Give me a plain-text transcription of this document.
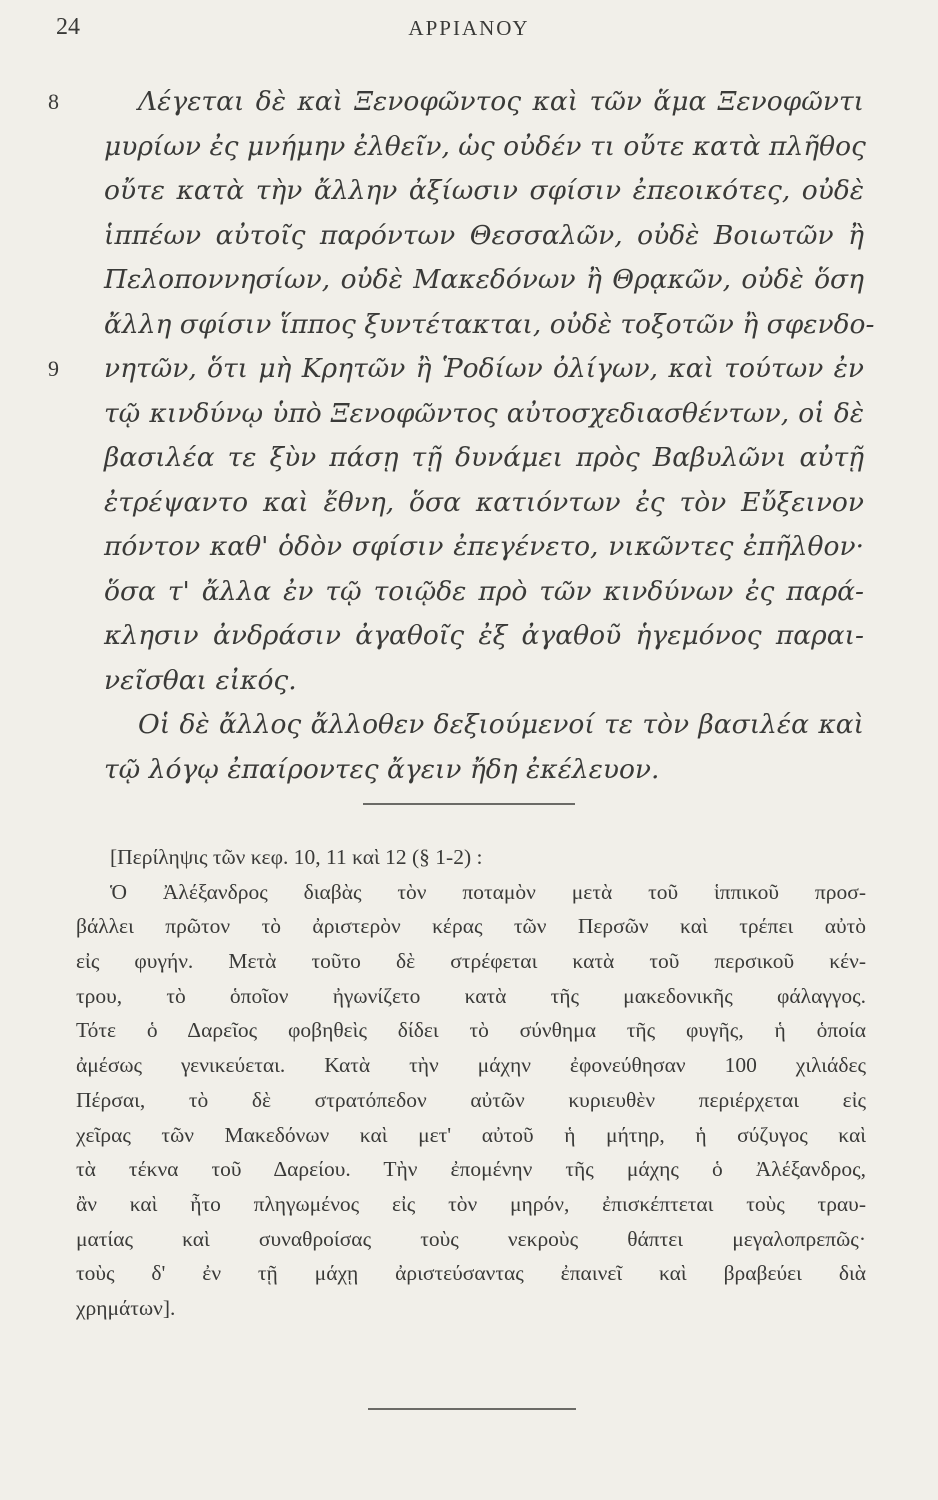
24	ΑΡΡΙΑΝΟΥ
8
9
Λέγεται δὲ καὶ Ξενοφῶντος καὶ τῶν ἅμα Ξενοφῶντι
μυρίων ἐς μνήμην ἐλθεῖν, ὡς οὐδέν τι οὔτε κατὰ πλῆθος
οὔτε κατὰ τὴν ἄλλην ἀξίωσιν σφίσιν ἐπεοικότες, οὐδὲ
ἱππέων αὐτοῖς παρόντων Θεσσαλῶν, οὐδὲ Βοιωτῶν ἢ
Πελοποννησίων, οὐδὲ Μακεδόνων ἢ Θρᾳκῶν, οὐδὲ ὅση
ἄλλη σφίσιν ἵππος ξυντέτακται, οὐδὲ τοξοτῶν ἢ σφενδο-
νητῶν, ὅτι μὴ Κρητῶν ἢ Ῥοδίων ὀλίγων, καὶ τούτων ἐν
τῷ κινδύνῳ ὑπὸ Ξενοφῶντος αὐτοσχεδιασθέντων, οἱ δὲ
βασιλέα τε ξὺν πάσῃ τῇ δυνάμει πρὸς Βαβυλῶνι αὐτῇ
ἐτρέψαντο καὶ ἔθνη, ὅσα κατιόντων ἐς τὸν Εὔξεινον
πόντον καθ' ὁδὸν σφίσιν ἐπεγένετο, νικῶντες ἐπῆλθον·
ὅσα τ' ἄλλα ἐν τῷ τοιῷδε πρὸ τῶν κινδύνων ἐς παρά-
κλησιν ἀνδράσιν ἀγαθοῖς ἐξ ἀγαθοῦ ἡγεμόνος παραι-
νεῖσθαι εἰκός.
Οἱ δὲ ἄλλος ἄλλοθεν δεξιούμενοί τε τὸν βασιλέα καὶ
τῷ λόγῳ ἐπαίροντες ἄγειν ἤδη ἐκέλευον.
[Περίληψις τῶν κεφ. 10, 11 καὶ 12 (§ 1-2) :
Ὁ Ἀλέξανδρος διαβὰς τὸν ποταμὸν μετὰ τοῦ ἱππικοῦ προσ-
βάλλει πρῶτον τὸ ἀριστερὸν κέρας τῶν Περσῶν καὶ τρέπει αὐτὸ
εἰς φυγήν. Μετὰ τοῦτο δὲ στρέφεται κατὰ τοῦ περσικοῦ κέν-
τρου, τὸ ὁποῖον ἠγωνίζετο κατὰ τῆς μακεδονικῆς φάλαγγος.
Τότε ὁ Δαρεῖος φοβηθεὶς δίδει τὸ σύνθημα τῆς φυγῆς, ἡ ὁποία
ἀμέσως γενικεύεται. Κατὰ τὴν μάχην ἐφονεύθησαν 100 χιλιάδες
Πέρσαι, τὸ δὲ στρατόπεδον αὐτῶν κυριευθὲν περιέρχεται εἰς
χεῖρας τῶν Μακεδόνων καὶ μετ' αὐτοῦ ἡ μήτηρ, ἡ σύζυγος καὶ
τὰ τέκνα τοῦ Δαρείου. Τὴν ἐπομένην τῆς μάχης ὁ Ἀλέξανδρος,
ἂν καὶ ἦτο πληγωμένος εἰς τὸν μηρόν, ἐπισκέπτεται τοὺς τραυ-
ματίας καὶ συναθροίσας τοὺς νεκροὺς θάπτει μεγαλοπρεπῶς·
τοὺς δ' ἐν τῇ μάχῃ ἀριστεύσαντας ἐπαινεῖ καὶ βραβεύει διὰ
χρημάτων].
